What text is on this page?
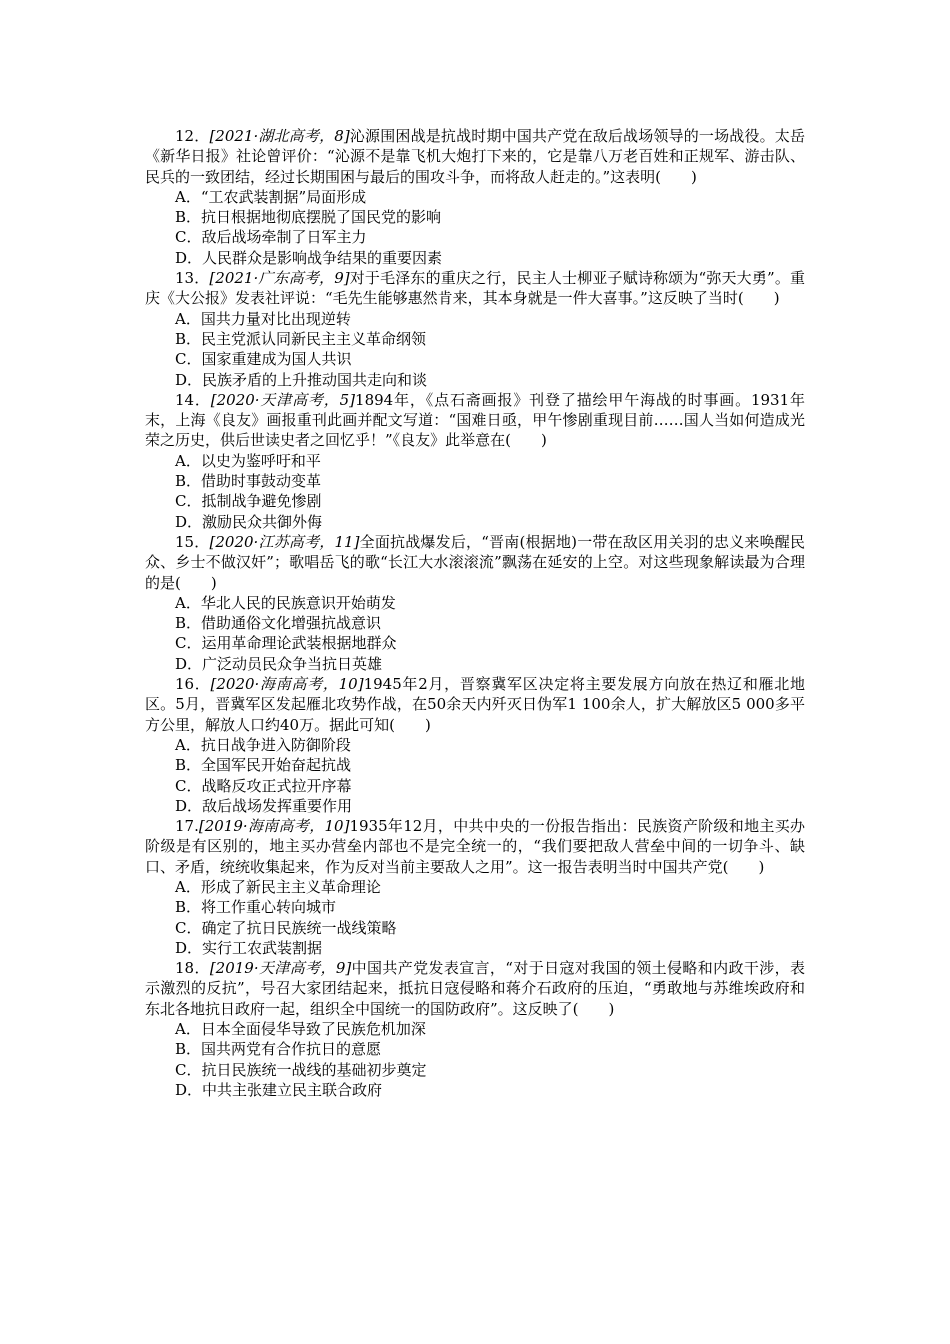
12．[2021·湖北高考，8]沁源围困战是抗战时期中国共产党在敌后战场领导的一场战役。太岳《新华日报》社论曾评价：“沁源不是靠飞机大炮打下来的，它是靠八万老百姓和正规军、游击队、民兵的一致团结，经过长期围困与最后的围攻斗争，而将敌人赶走的。”这表明(　　)

A．“工农武装割据”局面形成

B．抗日根据地彻底摆脱了国民党的影响

C．敌后战场牵制了日军主力

D．人民群众是影响战争结果的重要因素

13．[2021·广东高考，9]对于毛泽东的重庆之行，民主人士柳亚子赋诗称颂为“弥天大勇”。重庆《大公报》发表社评说：“毛先生能够惠然肯来，其本身就是一件大喜事。”这反映了当时(　　)

A．国共力量对比出现逆转

B．民主党派认同新民主主义革命纲领

C．国家重建成为国人共识

D．民族矛盾的上升推动国共走向和谈

14．[2020·天津高考，5]1894年，《点石斋画报》刊登了描绘甲午海战的时事画。1931年末，上海《良友》画报重刊此画并配文写道：“国难日亟，甲午惨剧重现目前……国人当如何造成光荣之历史，供后世读史者之回忆乎！”《良友》此举意在(　　)

A．以史为鉴呼吁和平

B．借助时事鼓动变革

C．抵制战争避免惨剧

D．激励民众共御外侮

15．[2020·江苏高考，11]全面抗战爆发后，“晋南(根据地)一带在敌区用关羽的忠义来唤醒民众、乡士不做汉奸”；歌唱岳飞的歌“长江大水滚滚流”飘荡在延安的上空。对这些现象解读最为合理的是(　　)

A．华北人民的民族意识开始萌发

B．借助通俗文化增强抗战意识

C．运用革命理论武装根据地群众

D．广泛动员民众争当抗日英雄

16．[2020·海南高考，10]1945年2月，晋察冀军区决定将主要发展方向放在热辽和雁北地区。5月，晋冀军区发起雁北攻势作战，在50余天内歼灭日伪军1 100余人，扩大解放区5 000多平方公里，解放人口约40万。据此可知(　　)

A．抗日战争进入防御阶段

B．全国军民开始奋起抗战

C．战略反攻正式拉开序幕

D．敌后战场发挥重要作用

17.[2019·海南高考，10]1935年12月，中共中央的一份报告指出：民族资产阶级和地主买办阶级是有区别的，地主买办营垒内部也不是完全统一的，“我们要把敌人营垒中间的一切争斗、缺口、矛盾，统统收集起来，作为反对当前主要敌人之用”。这一报告表明当时中国共产党(　　)

A．形成了新民主主义革命理论

B．将工作重心转向城市

C．确定了抗日民族统一战线策略

D．实行工农武装割据

18．[2019·天津高考，9]中国共产党发表宣言，“对于日寇对我国的领土侵略和内政干涉，表示激烈的反抗”，号召大家团结起来，抵抗日寇侵略和蒋介石政府的压迫，“勇敢地与苏维埃政府和东北各地抗日政府一起，组织全中国统一的国防政府”。这反映了(　　)

A．日本全面侵华导致了民族危机加深

B．国共两党有合作抗日的意愿

C．抗日民族统一战线的基础初步奠定

D．中共主张建立民主联合政府
